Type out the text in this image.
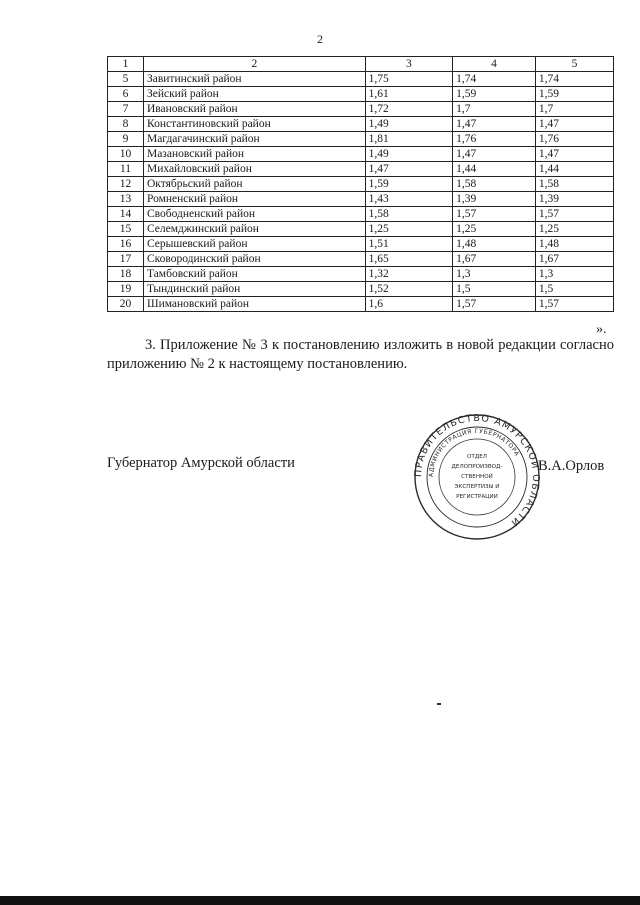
2
1	2	3	4	5
5	Завитинский район	1,75	1,74	1,74
6	Зейский район	1,61	1,59	1,59
7	Ивановский район	1,72	1,7	1,7
8	Константиновский район	1,49	1,47	1,47
9	Магдагачинский район	1,81	1,76	1,76
10	Мазановский район	1,49	1,47	1,47
11	Михайловский район	1,47	1,44	1,44
12	Октябрьский район	1,59	1,58	1,58
13	Ромненский район	1,43	1,39	1,39
14	Свободненский район	1,58	1,57	1,57
15	Селемджинский район	1,25	1,25	1,25
16	Серышевский район	1,51	1,48	1,48
17	Сковородинский район	1,65	1,67	1,67
18	Тамбовский район	1,32	1,3	1,3
19	Тындинский район	1,52	1,5	1,5
20	Шимановский район	1,6	1,57	1,57
».
3. Приложение № 3 к постановлению изложить в новой редакции согласно приложению № 2 к настоящему постановлению.
Губернатор Амурской области
ПРАВИТЕЛЬСТВО АМУРСКОЙ ОБЛАСТИ
АДМИНИСТРАЦИЯ ГУБЕРНАТОРА
ОТДЕЛ
ДЕЛОПРОИЗВОД-
СТВЕННОЙ
ЭКСПЕРТИЗЫ И
РЕГИСТРАЦИИ
В.А.Орлов
